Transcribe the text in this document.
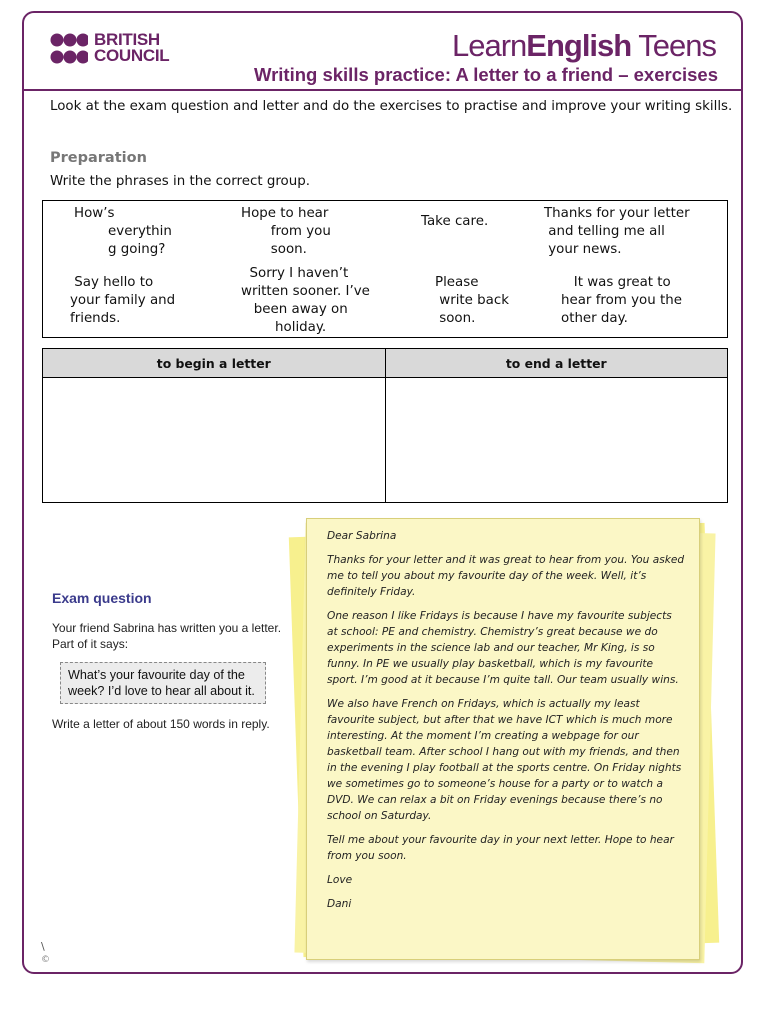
BRITISH
COUNCIL	LearnEnglish Teens
Writing skills practice: A letter to a friend – exercises
Look at the exam question and letter and do the exercises to practise and improve your writing skills.
Preparation
Write the phrases in the correct group.
How’s
everythin
g going?
Hope to hear
from you
soon.
Take care.
Thanks for your letter
and telling me all
your news.
Say hello to
your family and
friends.
Sorry I haven’t
written sooner. I’ve
been away on
holiday.
Please
write back
soon.
It was great to
hear from you the
other day.
to begin a letter	to end a letter

Exam question
Your friend Sabrina has written you a letter. Part of it says:
What’s your favourite day of the week? I’d love to hear all about it.
Write a letter of about 150 words in reply.

Dear Sabrina

Thanks for your letter and it was great to hear from you. You asked me to tell you about my favourite day of the week. Well, it’s definitely Friday.

One reason I like Fridays is because I have my favourite subjects at school: PE and chemistry. Chemistry’s great because we do experiments in the science lab and our teacher, Mr King, is so funny. In PE we usually play basketball, which is my favourite sport. I’m good at it because I’m quite tall. Our team usually wins.

We also have French on Fridays, which is actually my least favourite subject, but after that we have ICT which is much more interesting. At the moment I’m creating a webpage for our basketball team. After school I hang out with my friends, and then in the evening I play football at the sports centre. On Friday nights we sometimes go to someone’s house for a party or to watch a DVD. We can relax a bit on Friday evenings because there’s no school on Saturday.

Tell me about your favourite day in your next letter. Hope to hear from you soon.

Love

Dani

\
©
